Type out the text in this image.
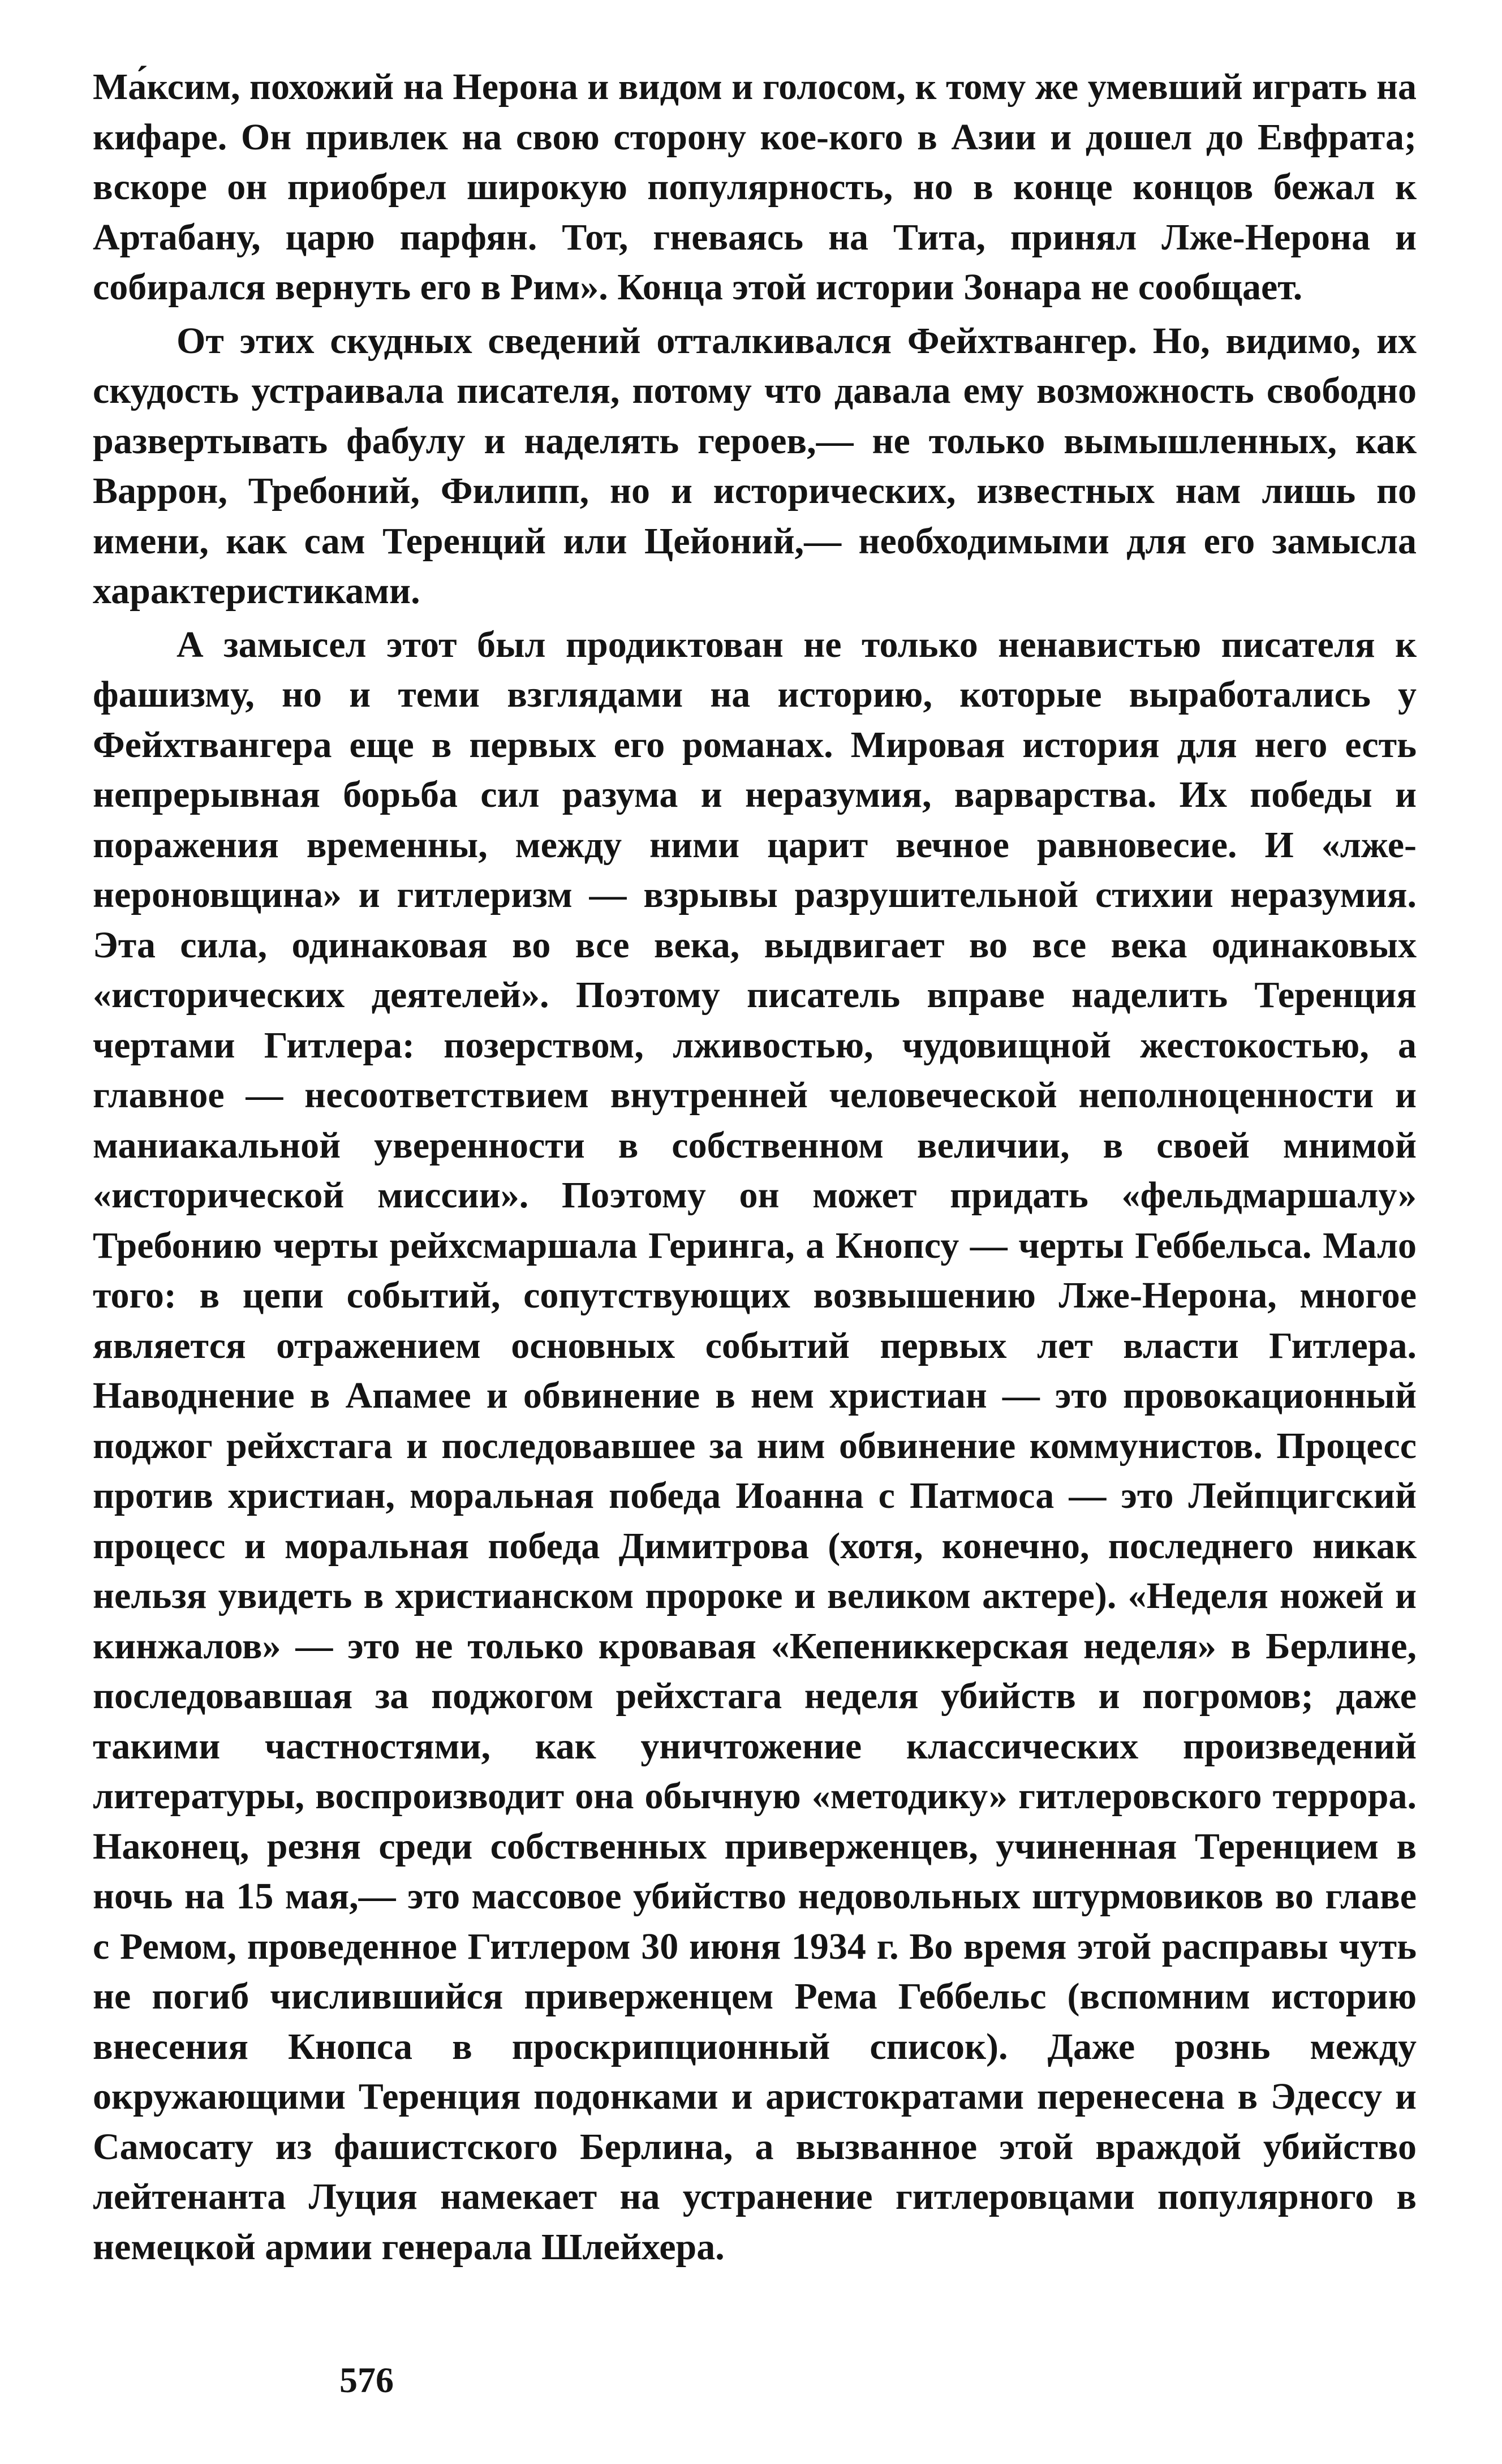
Ма́ксим, похожий на Нерона и видом и голосом, к тому же умевший играть на кифаре. Он привлек на свою сторону кое-кого в Азии и дошел до Евфрата; вскоре он приобрел широкую популярность, но в конце концов бежал к Артабану, царю парфян. Тот, гневаясь на Тита, принял Лже-Нерона и собирался вернуть его в Рим». Конца этой истории Зонара не сообщает.

От этих скудных сведений отталкивался Фейхтвангер. Но, видимо, их скудость устраивала писателя, потому что давала ему возможность свободно развертывать фабулу и наделять героев,— не только вымышленных, как Варрон, Требоний, Филипп, но и исторических, известных нам лишь по имени, как сам Теренций или Цейоний,— необходимыми для его замысла характеристиками.

А замысел этот был продиктован не только ненавистью писателя к фашизму, но и теми взглядами на историю, которые выработались у Фейхтвангера еще в первых его романах. Мировая история для него есть непрерывная борьба сил разума и неразумия, варварства. Их победы и поражения временны, между ними царит вечное равновесие. И «лже-нероновщина» и гитлеризм — взрывы разрушительной стихии неразумия. Эта сила, одинаковая во все века, выдвигает во все века одинаковых «исторических деятелей». Поэтому писатель вправе наделить Теренция чертами Гитлера: позерством, лживостью, чудовищной жестокостью, а главное — несоответствием внутренней человеческой неполноценности и маниакальной уверенности в собственном величии, в своей мнимой «исторической миссии». Поэтому он может придать «фельдмаршалу» Требонию черты рейхсмаршала Геринга, а Кнопсу — черты Геббельса. Мало того: в цепи событий, сопутствующих возвышению Лже-Нерона, многое является отражением основных событий первых лет власти Гитлера. Наводнение в Апамее и обвинение в нем христиан — это провокационный поджог рейхстага и последовавшее за ним обвинение коммунистов. Процесс против христиан, моральная победа Иоанна с Патмоса — это Лейпцигский процесс и моральная победа Димитрова (хотя, конечно, последнего никак нельзя увидеть в христианском пророке и великом актере). «Неделя ножей и кинжалов» — это не только кровавая «Кепениккерская неделя» в Берлине, последовавшая за поджогом рейхстага неделя убийств и погромов; даже такими частностями, как уничтожение классических произведений литературы, воспроизводит она обычную «методику» гитлеровского террора. Наконец, резня среди собственных приверженцев, учиненная Теренцием в ночь на 15 мая,— это массовое убийство недовольных штурмовиков во главе с Ремом, проведенное Гитлером 30 июня 1934 г. Во время этой расправы чуть не погиб числившийся приверженцем Рема Геббельс (вспомним историю внесения Кнопса в проскрипционный список). Даже рознь между окружающими Теренция подонками и аристократами перенесена в Эдессу и Самосату из фашистского Берлина, а вызванное этой враждой убийство лейтенанта Луция намекает на устранение гитлеровцами популярного в немецкой армии генерала Шлейхера.

576
